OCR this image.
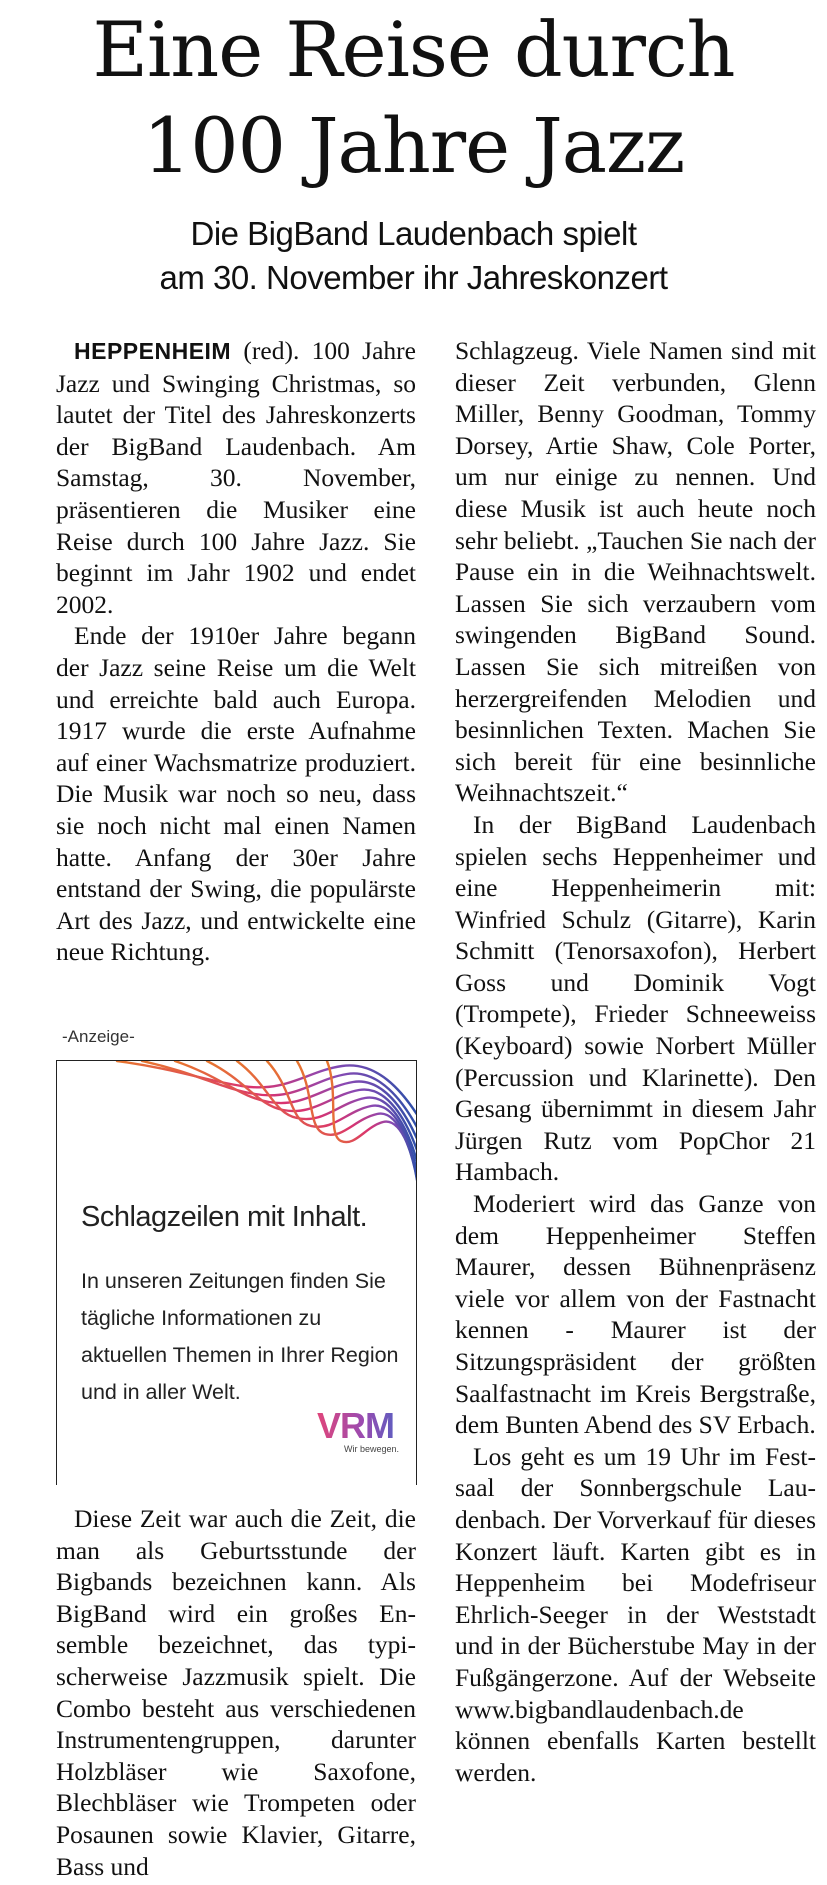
Eine Reise durch
100 Jahre Jazz
Die BigBand Laudenbach spielt
am 30. November ihr Jahreskonzert

HEPPENHEIM (red). 100 Jahre Jazz und Swinging Christmas, so lautet der Titel des Jahreskonzerts der BigBand Laudenbach. Am Samstag, 30. November, präsentieren die Musiker eine Reise durch 100 Jahre Jazz. Sie beginnt im Jahr 1902 und endet 2002.

Ende der 1910er Jahre begann der Jazz seine Reise um die Welt und erreichte bald auch Europa. 1917 wurde die erste Aufnahme auf einer Wachsmatrize produziert. Die Musik war noch so neu, dass sie noch nicht mal einen Namen hatte. Anfang der 30er Jahre entstand der Swing, die populärste Art des Jazz, und entwickelte eine neue Richtung.

-Anzeige-
Schlagzeilen mit Inhalt.
In unseren Zeitungen finden Sie tägliche Informationen zu aktuellen Themen in Ihrer Region und in aller Welt.
VRM
Wir bewegen.

Diese Zeit war auch die Zeit, die man als Geburtsstunde der Bigbands bezeichnen kann. Als BigBand wird ein großes Ensemble bezeichnet, das typischerweise Jazzmusik spielt. Die Combo besteht aus verschiedenen Instrumentengruppen, darunter Holzbläser wie Saxofone, Blechbläser wie Trompeten oder Posaunen sowie Klavier, Gitarre, Bass und

Schlagzeug. Viele Namen sind mit dieser Zeit verbunden, Glenn Miller, Benny Goodman, Tommy Dorsey, Artie Shaw, Cole Porter, um nur einige zu nennen. Und diese Musik ist auch heute noch sehr beliebt. „Tauchen Sie nach der Pause ein in die Weihnachtswelt. Lassen Sie sich verzaubern vom swingenden BigBand Sound. Lassen Sie sich mitreißen von herzergreifenden Melodien und besinnlichen Texten. Machen Sie sich bereit für eine besinnliche Weihnachtszeit.“

In der BigBand Laudenbach spielen sechs Heppenheimer und eine Heppenheimerin mit: Winfried Schulz (Gitarre), Karin Schmitt (Tenorsaxofon), Herbert Goss und Dominik Vogt (Trompete), Frieder Schneeweiss (Keyboard) sowie Norbert Müller (Percussion und Klarinette). Den Gesang übernimmt in diesem Jahr Jürgen Rutz vom PopChor 21 Hambach.

Moderiert wird das Ganze von dem Heppenheimer Steffen Maurer, dessen Bühnenpräsenz viele vor allem von der Fastnacht kennen - Maurer ist der Sitzungspräsident der größten Saalfastnacht im Kreis Bergstraße, dem Bunten Abend des SV Erbach.

Los geht es um 19 Uhr im Festsaal der Sonnbergschule Laudenbach. Der Vorverkauf für dieses Konzert läuft. Karten gibt es in Heppenheim bei Modefriseur Ehrlich-Seeger in der Weststadt und in der Bücherstube May in der Fußgängerzone. Auf der Webseite www.bigbandlaudenbach.de können ebenfalls Karten bestellt werden.
